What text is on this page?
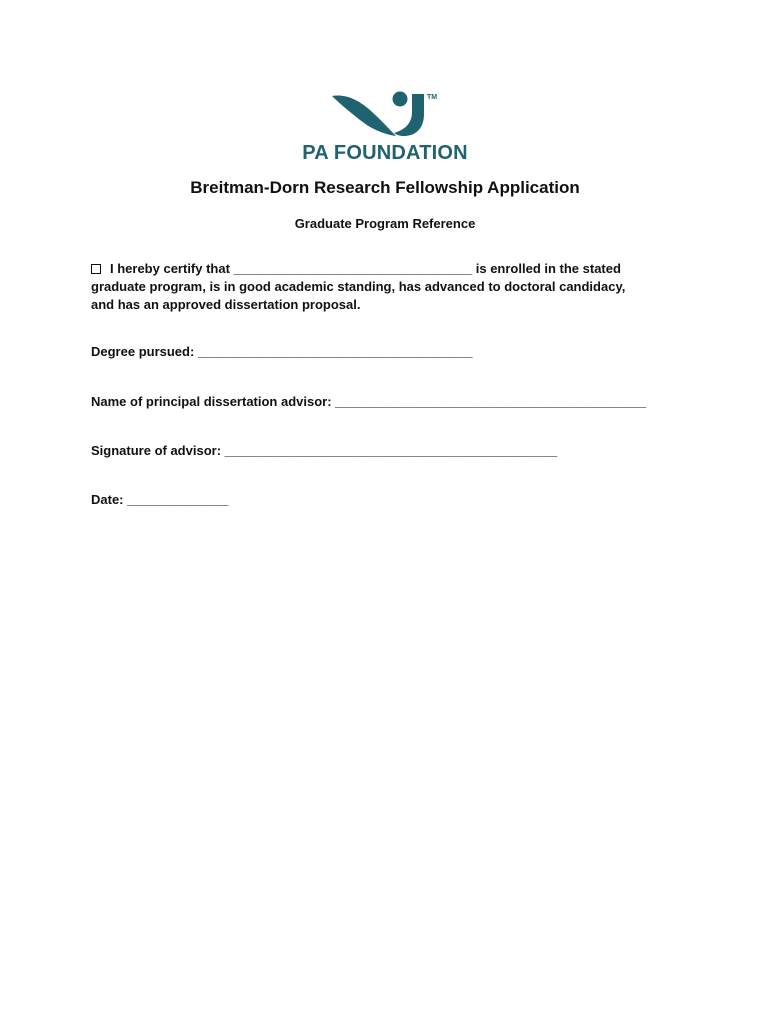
TM
PA FOUNDATION
Breitman-Dorn Research Fellowship Application
Graduate Program Reference
I hereby certify that _________________________________ is enrolled in the stated
graduate program, is in good academic standing, has advanced to doctoral candidacy,
and has an approved dissertation proposal.
Degree pursued: ______________________________________
Name of principal dissertation advisor: ___________________________________________
Signature of advisor: ______________________________________________
Date: ______________
